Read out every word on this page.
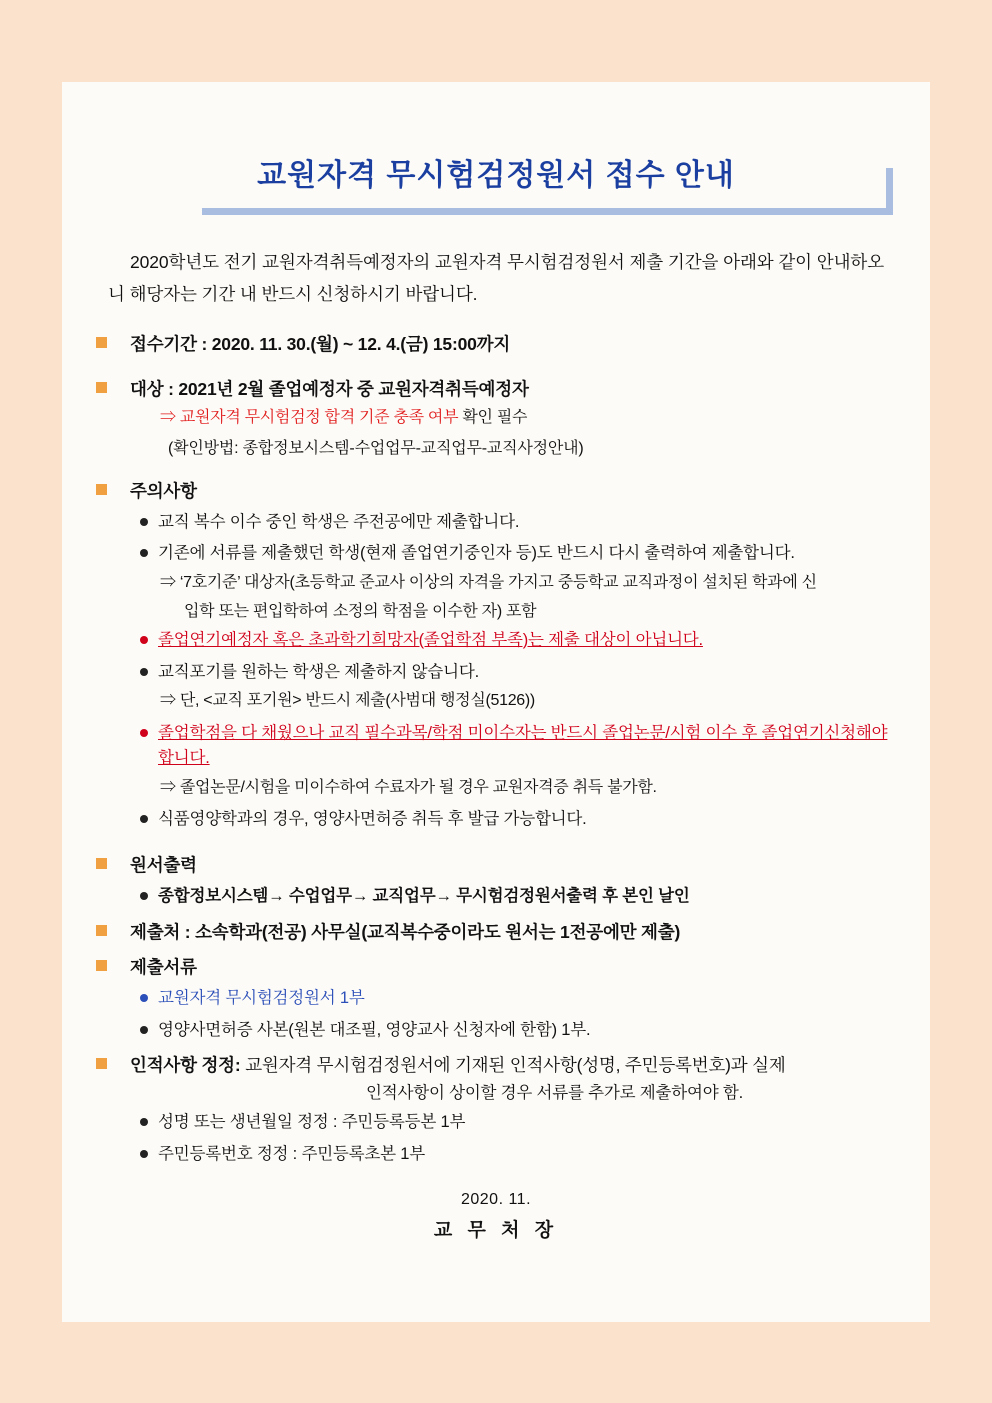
교원자격 무시험검정원서 접수 안내
2020학년도 전기 교원자격취득예정자의 교원자격 무시험검정원서 제출 기간을 아래와 같이 안내하오니 해당자는 기간 내 반드시 신청하시기 바랍니다.
접수기간 : 2020. 11. 30.(월) ~ 12. 4.(금) 15:00까지
대상 : 2021년 2월 졸업예정자 중 교원자격취득예정자
⇒ 교원자격 무시험검정 합격 기준 충족 여부 확인 필수
(확인방법: 종합정보시스템-수업업무-교직업무-교직사정안내)
주의사항
교직 복수 이수 중인 학생은 주전공에만 제출합니다.
기존에 서류를 제출했던 학생(현재 졸업연기중인자 등)도 반드시 다시 출력하여 제출합니다.
⇒ ‘7호기준’ 대상자(초등학교 준교사 이상의 자격을 가지고 중등학교 교직과정이 설치된 학과에 신
입학 또는 편입학하여 소정의 학점을 이수한 자) 포함
졸업연기예정자 혹은 초과학기희망자(졸업학점 부족)는 제출 대상이 아닙니다.
교직포기를 원하는 학생은 제출하지 않습니다.
⇒ 단, <교직 포기원> 반드시 제출(사범대 행정실(5126))
졸업학점을 다 채웠으나 교직 필수과목/학점 미이수자는 반드시 졸업논문/시험 이수 후 졸업연기신청해야 합니다.
⇒ 졸업논문/시험을 미이수하여 수료자가 될 경우 교원자격증 취득 불가함.
식품영양학과의 경우, 영양사면허증 취득 후 발급 가능합니다.
원서출력
종합정보시스템→ 수업업무→ 교직업무→ 무시험검정원서출력 후 본인 날인
제출처 : 소속학과(전공) 사무실(교직복수중이라도 원서는 1전공에만 제출)
제출서류
교원자격 무시험검정원서 1부
영양사면허증 사본(원본 대조필, 영양교사 신청자에 한함) 1부.
인적사항 정정: 교원자격 무시험검정원서에 기재된 인적사항(성명, 주민등록번호)과 실제
인적사항이 상이할 경우 서류를 추가로 제출하여야 함.
성명 또는 생년월일 정정 : 주민등록등본 1부
주민등록번호 정정 : 주민등록초본 1부
2020. 11.
교 무 처 장
